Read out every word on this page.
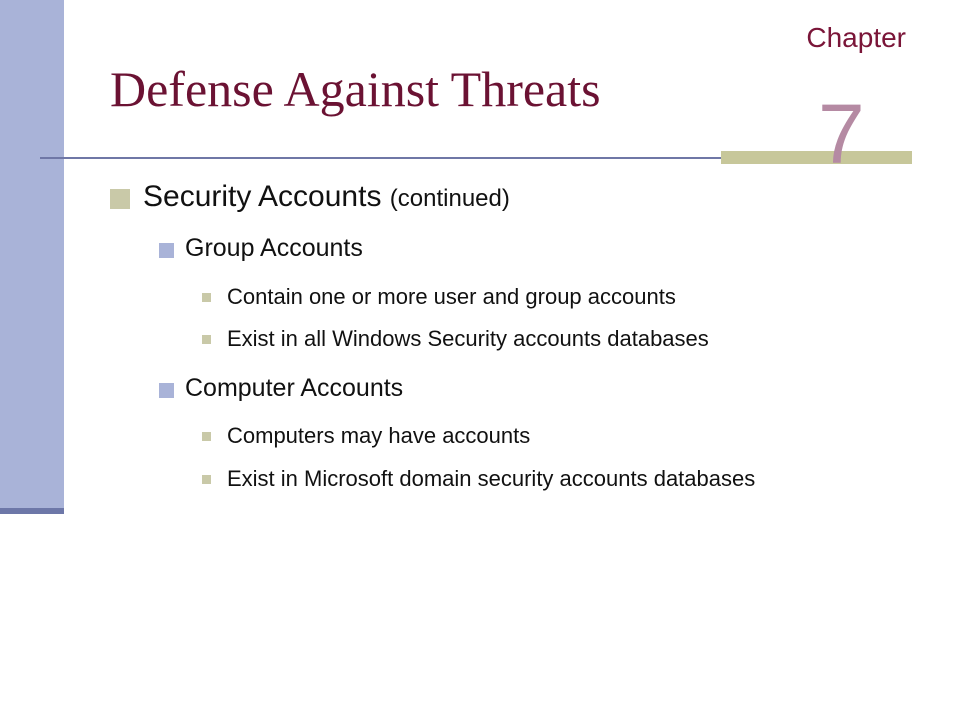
Chapter
7
Defense Against Threats
Security Accounts (continued)
Group Accounts
Contain one or more user and group accounts
Exist in all Windows Security accounts databases
Computer Accounts
Computers may have accounts
Exist in Microsoft domain security accounts databases
